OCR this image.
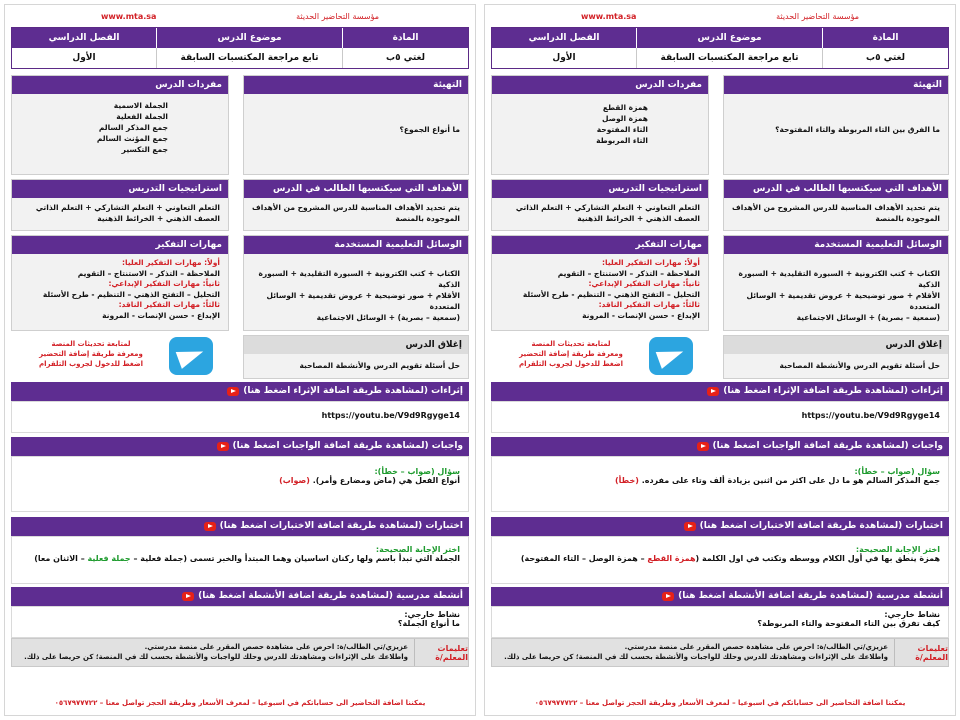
www.mta.sa	مؤسسة التحاضير الحديثة
المادة
موضوع الدرس
الفصل الدراسي
لغتي ٥ب
تابع مراجعة المكتسبات السابقة
الأول
التهيئة
ما أنواع الجموع؟
مفردات الدرس
الجملة الاسمية
الجملة الفعلية
جمع المذكر السالم
جمع المؤنث السالم
جمع التكسير
الأهداف التي سيكتسبها الطالب في الدرس
يتم تحديد الأهداف المناسبة للدرس المشروح من الأهداف الموجودة بالمنصة
استراتيجيات التدريس
التعلم التعاوني + التعلم التشاركي + التعلم الذاتي
العصف الذهني + الخرائط الذهنية
الوسائل التعليمية المستخدمة
الكتاب + كتب الكترونية + السبورة التقليدية + السبورة الذكية
الأقلام + صور توضيحية + عروض تقديمية + الوسائل المتعددة
(سمعية – بصرية) + الوسائل الاجتماعية
مهارات التفكير
أولاً: مهارات التفكير العليا:
الملاحظة – التذكر – الاستنتاج – التقويم
ثانياً: مهارات التفكير الإبداعي:
التحليل – التفتح الذهني – التنظيم - طرح الأسئلة
ثالثاً: مهارات التفكير الناقد:
الإبداع - حسن الإنصات - المرونة
إغلاق الدرس
حل أسئلة تقويم الدرس والأنشطة المصاحبة
لمتابعة تحديثات المنصة
ومعرفة طريقة إضافة التحضير
اضغط للدخول لجروب التلقرام
إثراءات (لمشاهدة طريقة اضافة الإثراء اضغط هنا)
https://youtu.be/V9d9Rgyge14
واجبات (لمشاهدة طريقة اضافة الواجبات اضغط هنا)
سؤال (صواب – خطأ):
أنواع الفعل هي (ماض ومضارع وأمر). (صواب)
اختبارات (لمشاهدة طريقة اضافة الاختبارات اضغط هنا)
اختر الإجابة الصحيحة:
الجملة التي تبدأ باسم ولها ركنان اساسيان وهما المبتدأ والخبر تسمى (جملة فعلية – جملة فعلية – الاثنان معا)
أنشطة مدرسية (لمشاهدة طريقة اضافة الأنشطة اضغط هنا)
نشاط خارجي:
ما أنواع الجملة؟
تعليمات المعلم/ة
عزيزي/تي الطالب/ة: احرص على مشاهدة حصص المقرر على منصة مدرستي.
واطلاعك على الإثراءات ومشاهدتك للدرس وحلك للواجبات والأنشطة بحسب لك في المنصة؛ كن حريصا على ذلك.
يمكننا اضافة التحاضير الى حساباتكم في اسبوعيا – لمعرف الأسعار وطريقة الحجز تواصل معنا – ٠٥٦٧٩٧٧٧٢٢
www.mta.sa	مؤسسة التحاضير الحديثة
المادة
موضوع الدرس
الفصل الدراسي
لغتي ٥ب
تابع مراجعة المكتسبات السابقة
الأول
التهيئة
ما الفرق بين التاء المربوطة والتاء المفتوحة؟
مفردات الدرس
همزة القطع
همزة الوصل
التاء المفتوحة
التاء المربوطة
الأهداف التي سيكتسبها الطالب في الدرس
يتم تحديد الأهداف المناسبة للدرس المشروح من الأهداف الموجودة بالمنصة
استراتيجيات التدريس
التعلم التعاوني + التعلم التشاركي + التعلم الذاتي
العصف الذهني + الخرائط الذهنية
الوسائل التعليمية المستخدمة
الكتاب + كتب الكترونية + السبورة التقليدية + السبورة الذكية
الأقلام + صور توضيحية + عروض تقديمية + الوسائل المتعددة
(سمعية – بصرية) + الوسائل الاجتماعية
مهارات التفكير
أولاً: مهارات التفكير العليا:
الملاحظة – التذكر – الاستنتاج – التقويم
ثانياً: مهارات التفكير الإبداعي:
التحليل – التفتح الذهني – التنظيم - طرح الأسئلة
ثالثاً: مهارات التفكير الناقد:
الإبداع - حسن الإنصات - المرونة
إغلاق الدرس
حل أسئلة تقويم الدرس والأنشطة المصاحبة
لمتابعة تحديثات المنصة
ومعرفة طريقة إضافة التحضير
اضغط للدخول لجروب التلقرام
إثراءات (لمشاهدة طريقة اضافة الإثراء اضغط هنا)
https://youtu.be/V9d9Rgyge14
واجبات (لمشاهدة طريقة اضافة الواجبات اضغط هنا)
سؤال (صواب – خطأ):
جمع المذكر السالم هو ما دل على اكثر من اثنين بزيادة ألف وتاء على مفرده. (خطأ)
اختبارات (لمشاهدة طريقة اضافة الاختبارات اضغط هنا)
اختر الإجابة الصحيحة:
همزة ينطق بها في أول الكلام ووسطه وتكتب في اول الكلمة (همزة القطع – همزة الوصل – التاء المفتوحة)
أنشطة مدرسية (لمشاهدة طريقة اضافة الأنشطة اضغط هنا)
نشاط خارجي:
كيف تفرق بين التاء المفتوحة والتاء المربوطة؟
تعليمات المعلم/ة
عزيزي/تي الطالب/ة: احرص على مشاهدة حصص المقرر على منصة مدرستي.
واطلاعك على الإثراءات ومشاهدتك للدرس وحلك للواجبات والأنشطة بحسب لك في المنصة؛ كن حريصا على ذلك.
يمكننا اضافة التحاضير الى حساباتكم في اسبوعيا – لمعرف الأسعار وطريقة الحجز تواصل معنا – ٠٥٦٧٩٧٧٧٢٢
